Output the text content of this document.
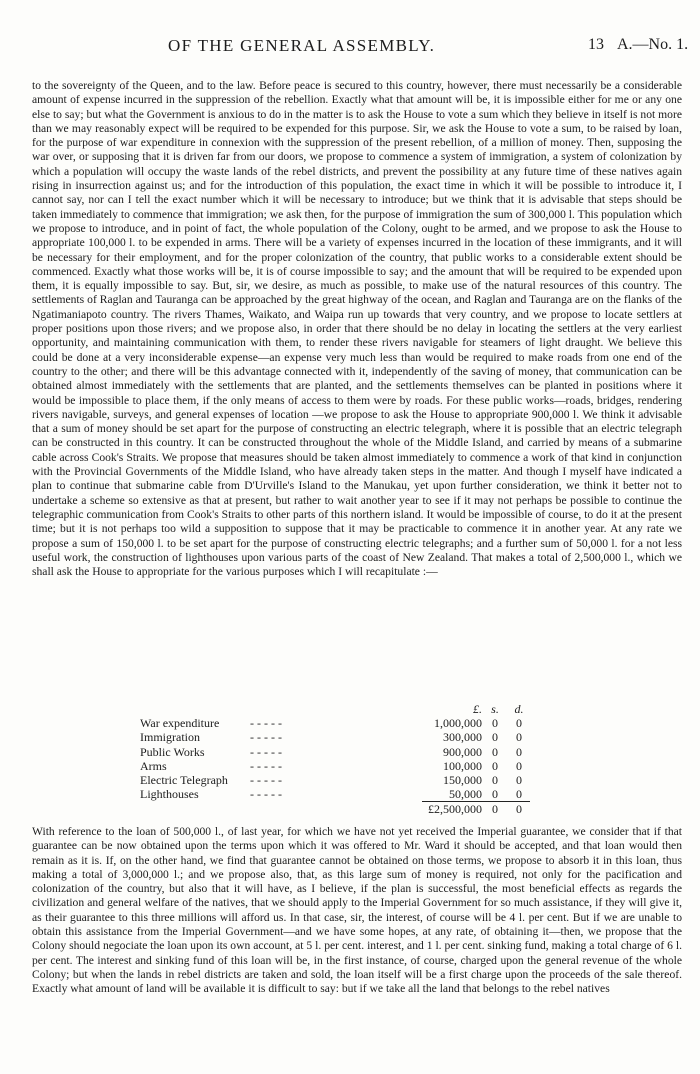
OF THE GENERAL ASSEMBLY.	13 A.—No. 1.

to the sovereignty of the Queen, and to the law. Before peace is secured to this country, however, there must necessarily be a considerable amount of expense incurred in the suppression of the rebellion. Exactly what that amount will be, it is impossible either for me or any one else to say; but what the Government is anxious to do in the matter is to ask the House to vote a sum which they believe in itself is not more than we may reasonably expect will be required to be expended for this purpose. Sir, we ask the House to vote a sum, to be raised by loan, for the purpose of war expenditure in connexion with the suppression of the present rebellion, of a million of money. Then, supposing the war over, or supposing that it is driven far from our doors, we propose to commence a system of immigration, a system of colonization by which a population will occupy the waste lands of the rebel districts, and prevent the possibility at any future time of these natives again rising in insurrection against us; and for the introduction of this population, the exact time in which it will be possible to introduce it, I cannot say, nor can I tell the exact number which it will be necessary to introduce; but we think that it is advisable that steps should be taken immediately to commence that immigration; we ask then, for the purpose of immigration the sum of 300,000 l. This population which we propose to introduce, and in point of fact, the whole population of the Colony, ought to be armed, and we propose to ask the House to appropriate 100,000 l. to be expended in arms. There will be a variety of expenses incurred in the location of these immigrants, and it will be necessary for their employment, and for the proper colonization of the country, that public works to a considerable extent should be commenced. Exactly what those works will be, it is of course impossible to say; and the amount that will be required to be expended upon them, it is equally impossible to say. But, sir, we desire, as much as possible, to make use of the natural resources of this country. The settlements of Raglan and Tauranga can be approached by the great highway of the ocean, and Raglan and Tauranga are on the flanks of the Ngatimaniapoto country. The rivers Thames, Waikato, and Waipa run up towards that very country, and we propose to locate settlers at proper positions upon those rivers; and we propose also, in order that there should be no delay in locating the settlers at the very earliest opportunity, and maintaining communication with them, to render these rivers navigable for steamers of light draught. We believe this could be done at a very inconsiderable expense—an expense very much less than would be required to make roads from one end of the country to the other; and there will be this advantage connected with it, independently of the saving of money, that communication can be obtained almost immediately with the settlements that are planted, and the settlements themselves can be planted in positions where it would be impossible to place them, if the only means of access to them were by roads. For these public works—roads, bridges, rendering rivers navigable, surveys, and general expenses of location —we propose to ask the House to appropriate 900,000 l. We think it advisable that a sum of money should be set apart for the purpose of constructing an electric telegraph, where it is possible that an electric telegraph can be constructed in this country. It can be constructed throughout the whole of the Middle Island, and carried by means of a submarine cable across Cook's Straits. We propose that measures should be taken almost immediately to commence a work of that kind in conjunction with the Provincial Governments of the Middle Island, who have already taken steps in the matter. And though I myself have indicated a plan to continue that submarine cable from D'Urville's Island to the Manukau, yet upon further consideration, we think it better not to undertake a scheme so extensive as that at present, but rather to wait another year to see if it may not perhaps be possible to continue the telegraphic communication from Cook's Straits to other parts of this northern island. It would be impossible of course, to do it at the present time; but it is not perhaps too wild a supposition to suppose that it may be practicable to commence it in another year. At any rate we propose a sum of 150,000 l. to be set apart for the purpose of constructing electric telegraphs; and a further sum of 50,000 l. for a not less useful work, the construction of lighthouses upon various parts of the coast of New Zealand. That makes a total of 2,500,000 l., which we shall ask the House to appropriate for the various purposes which I will recapitulate :—

		£.	s.	d.
War expenditure	- - - - -	1,000,000	0	0
Immigration	- - - - -	300,000	0	0
Public Works	- - - - -	900,000	0	0
Arms	- - - - -	100,000	0	0
Electric Telegraph	- - - - -	150,000	0	0
Lighthouses	- - - - -	50,000	0	0
		£2,500,000	0	0

With reference to the loan of 500,000 l., of last year, for which we have not yet received the Imperial guarantee, we consider that if that guarantee can be now obtained upon the terms upon which it was offered to Mr. Ward it should be accepted, and that loan would then remain as it is. If, on the other hand, we find that guarantee cannot be obtained on those terms, we propose to absorb it in this loan, thus making a total of 3,000,000 l.; and we propose also, that, as this large sum of money is required, not only for the pacification and colonization of the country, but also that it will have, as I believe, if the plan is successful, the most beneficial effects as regards the civilization and general welfare of the natives, that we should apply to the Imperial Government for so much assistance, if they will give it, as their guarantee to this three millions will afford us. In that case, sir, the interest, of course will be 4 l. per cent. But if we are unable to obtain this assistance from the Imperial Government—and we have some hopes, at any rate, of obtaining it—then, we propose that the Colony should negociate the loan upon its own account, at 5 l. per cent. interest, and 1 l. per cent. sinking fund, making a total charge of 6 l. per cent. The interest and sinking fund of this loan will be, in the first instance, of course, charged upon the general revenue of the whole Colony; but when the lands in rebel districts are taken and sold, the loan itself will be a first charge upon the proceeds of the sale thereof. Exactly what amount of land will be available it is difficult to say: but if we take all the land that belongs to the rebel natives
